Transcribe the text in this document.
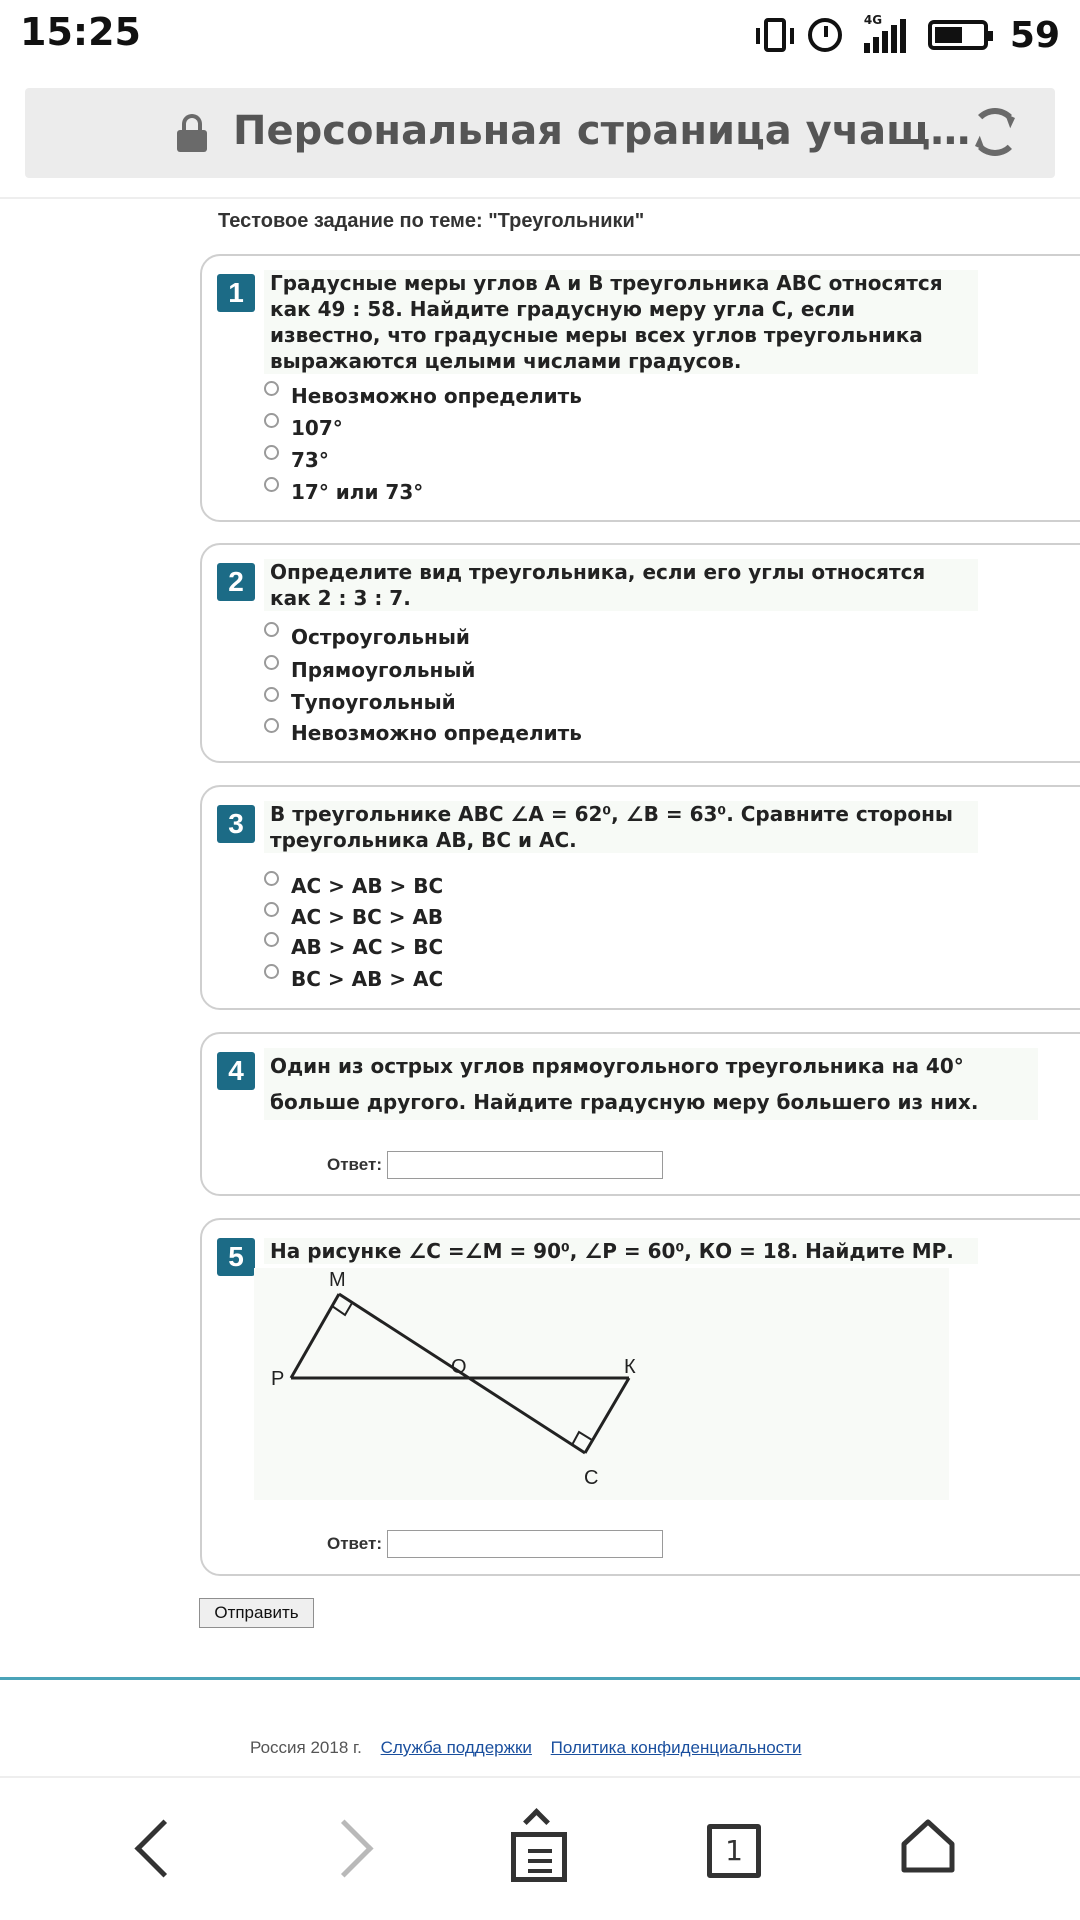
15:25	4G	59
Персональная страница учащ…
Тестовое задание по теме: "Треугольники"
1	Градусные меры углов А и В треугольника АВС относятся как 49 : 58. Найдите градусную меру угла С, если известно, что градусные меры всех углов треугольника выражаются целыми числами градусов.
Невозможно определить
107°
73°
17° или 73°
2	Определите вид треугольника, если его углы относятся как 2 : 3 : 7.
Остроугольный
Прямоугольный
Тупоугольный
Невозможно определить
3	В треугольнике АВС ∠А = 62⁰, ∠В = 63⁰. Сравните стороны треугольника АВ, ВС и АС.
AC > AB > BC
AC > BC > AB
AB > AC > BC
BC > AB > AC
4	Один из острых углов прямоугольного треугольника на 40° больше другого. Найдите градусную меру большего из них.
Ответ:
5	На рисунке ∠С =∠М = 90⁰, ∠Р = 60⁰, КО = 18. Найдите МР.
М
Р
О	К
С
Ответ:
Отправить
Россия 2018 г. Служба поддержки Политика конфиденциальности
1
